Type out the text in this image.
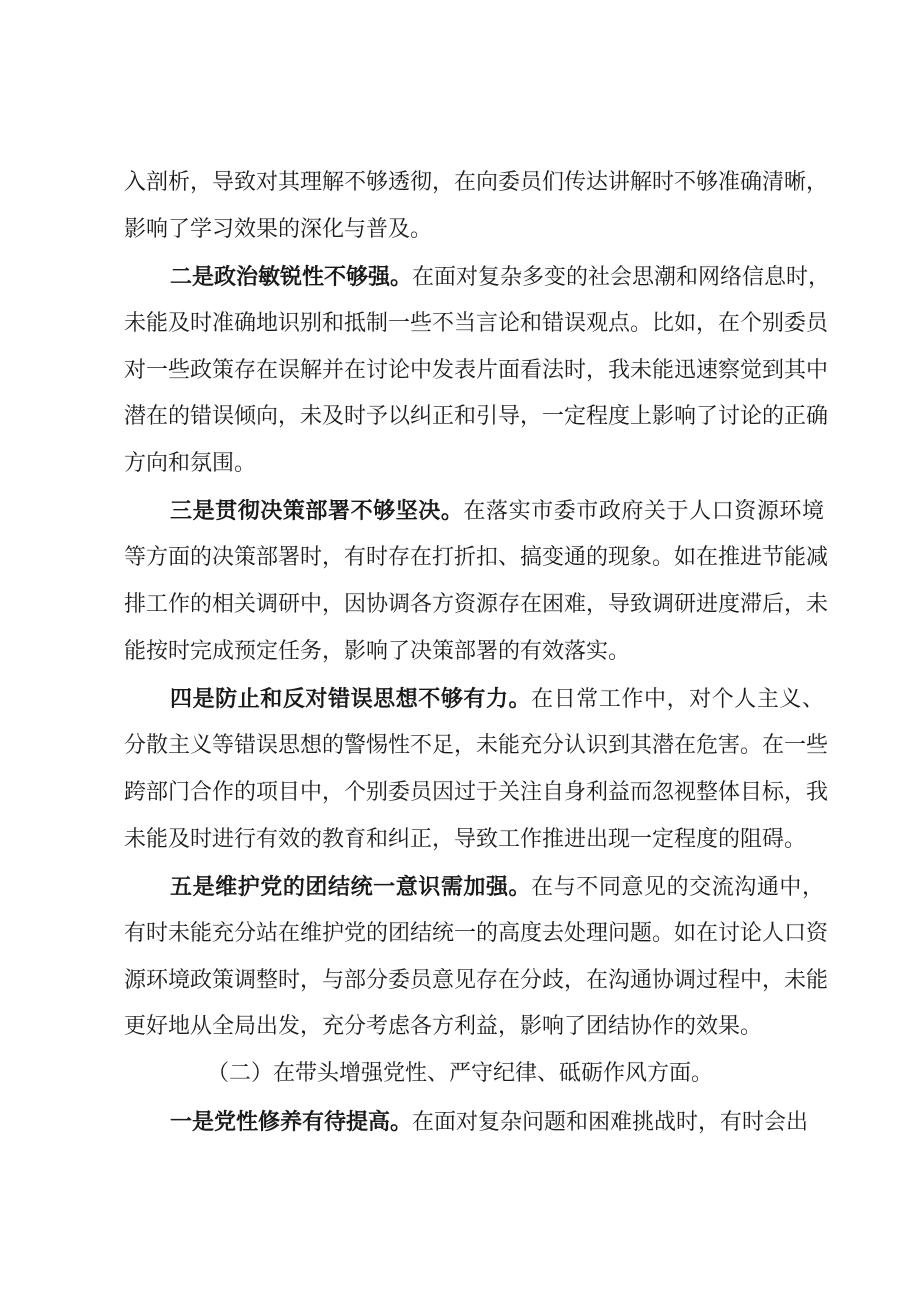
入剖析，导致对其理解不够透彻，在向委员们传达讲解时不够准确清晰，
影响了学习效果的深化与普及。
二是政治敏锐性不够强。在面对复杂多变的社会思潮和网络信息时，
未能及时准确地识别和抵制一些不当言论和错误观点。比如，在个别委员
对一些政策存在误解并在讨论中发表片面看法时，我未能迅速察觉到其中
潜在的错误倾向，未及时予以纠正和引导，一定程度上影响了讨论的正确
方向和氛围。
三是贯彻决策部署不够坚决。在落实市委市政府关于人口资源环境
等方面的决策部署时，有时存在打折扣、搞变通的现象。如在推进节能减
排工作的相关调研中，因协调各方资源存在困难，导致调研进度滞后，未
能按时完成预定任务，影响了决策部署的有效落实。
四是防止和反对错误思想不够有力。在日常工作中，对个人主义、
分散主义等错误思想的警惕性不足，未能充分认识到其潜在危害。在一些
跨部门合作的项目中，个别委员因过于关注自身利益而忽视整体目标，我
未能及时进行有效的教育和纠正，导致工作推进出现一定程度的阻碍。
五是维护党的团结统一意识需加强。在与不同意见的交流沟通中，
有时未能充分站在维护党的团结统一的高度去处理问题。如在讨论人口资
源环境政策调整时，与部分委员意见存在分歧，在沟通协调过程中，未能
更好地从全局出发，充分考虑各方利益，影响了团结协作的效果。
（二）在带头增强党性、严守纪律、砥砺作风方面。
一是党性修养有待提高。在面对复杂问题和困难挑战时，有时会出
